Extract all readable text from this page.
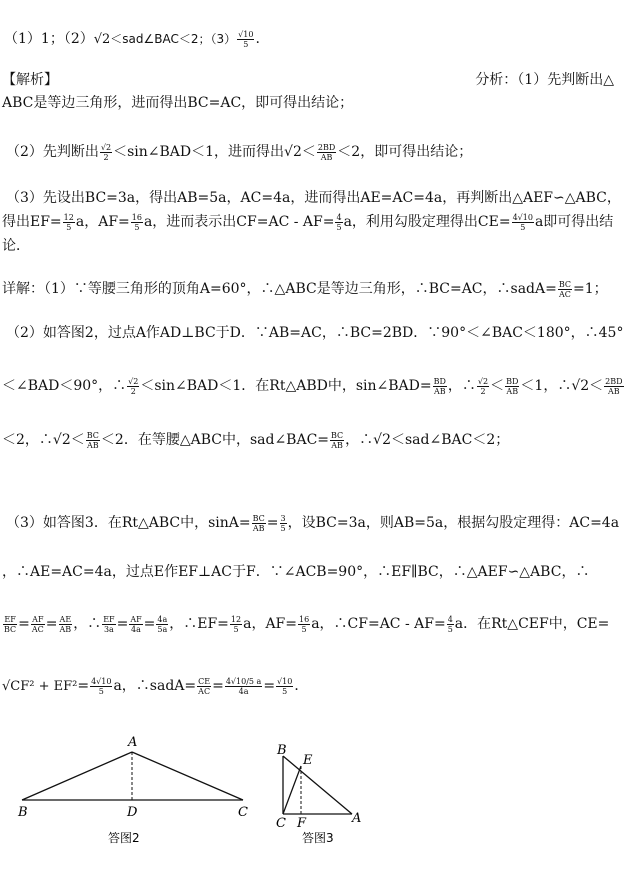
（1）1；（2）√2＜sad∠BAC＜2；$(3) \frac{√10}{5}$ .
【解析】	分析：（1）先判断出△
ABC是等边三角形，进而得出BC=AC，即可得出结论；
（2）先判断出 $\frac{√2}{2}$ ＜sin∠BAD＜1，进而得出$√2< \frac{2BD}{AB} <2$，即可得出结论；
（3）先设出BC=3a，得出AB=5a，AC=4a，进而得出AE=AC=4a，再判断出△AEF∽△ABC，
得出$EF= \frac{12}{5}$ a，$AF= \frac{16}{5}$ a，进而表示出$CF=AC - AF= \frac{4}{5}$ a，利用勾股定理得出$CE= \frac{4√10}{5}$ a即可得出结
论．
详解：（1）∵等腰三角形的顶角A=60°，∴△ABC是等边三角形，∴BC=AC，∴sadA= $\frac{BC}{AC} =1$；
（2）如答图2，过点A作AD⊥BC于D．∵AB=AC，∴BC=2BD．∵90°＜∠BAC＜180°，∴45°
＜∠BAD＜90°，∴ $\frac{√2}{2}$ ＜sin∠BAD＜1．在Rt△ABD中，sin∠BAD= $\frac{BD}{AB}$ ，∴ $\frac{√2}{2} < \frac{BD}{AB} <1$，∴√2＜ $\frac{2BD}{AB}$
＜2，∴√2＜ $\frac{BC}{AB} <2$．在等腰△ABC中，sad∠BAC= $\frac{BC}{AB}$ ，∴√2＜sad∠BAC＜2；
（3）如答图3．在Rt△ABC中，$\sin A= \frac{BC}{AB} = \frac{3}{5}$ ，设BC=3a，则AB=5a，根据勾股定理得：AC=4a
，∴AE=AC=4a，过点E作EF⊥AC于F．∵∠ACB=90°，∴EF∥BC，∴△AEF∽△ABC，∴
$\frac{EF}{BC} = \frac{AF}{AC} = \frac{AE}{AB}$ ，∴ $\frac{EF}{3a} = \frac{AF}{4a} = \frac{4a}{5a}$ ，∴EF= $\frac{12}{5}$ a，$AF= \frac{16}{5}$ a，∴CF=AC - $AF= \frac{4}{5}$ a．在Rt△CEF中，CE=
$√CF^2 + EF^2= \frac{4√10}{5}$ a，∴sadA= $\frac{CE}{AC} = \frac{4√10/5 a}{4a} = \frac{√10}{5}$ ．
A
B	C
D
答图2
B
E
C F	A
答图3
